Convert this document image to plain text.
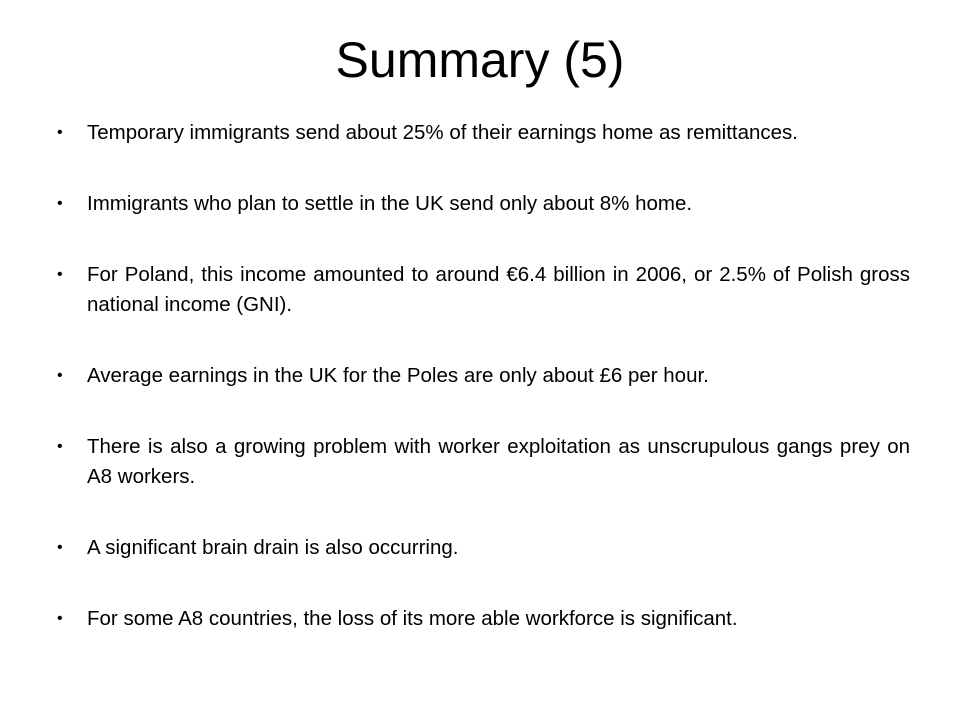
Summary (5)
•	Temporary immigrants send about 25% of their earnings home as remittances.
•	Immigrants who plan to settle in the UK send only about 8% home.
•	For Poland, this income amounted to around €6.4 billion in 2006, or 2.5% of Polish gross national income (GNI).
•	Average earnings in the UK for the Poles are only about £6 per hour.
•	There is also a growing problem with worker exploitation as unscrupulous gangs prey on A8 workers.
•	A significant brain drain is also occurring.
•	For some A8 countries, the loss of its more able workforce is significant.
